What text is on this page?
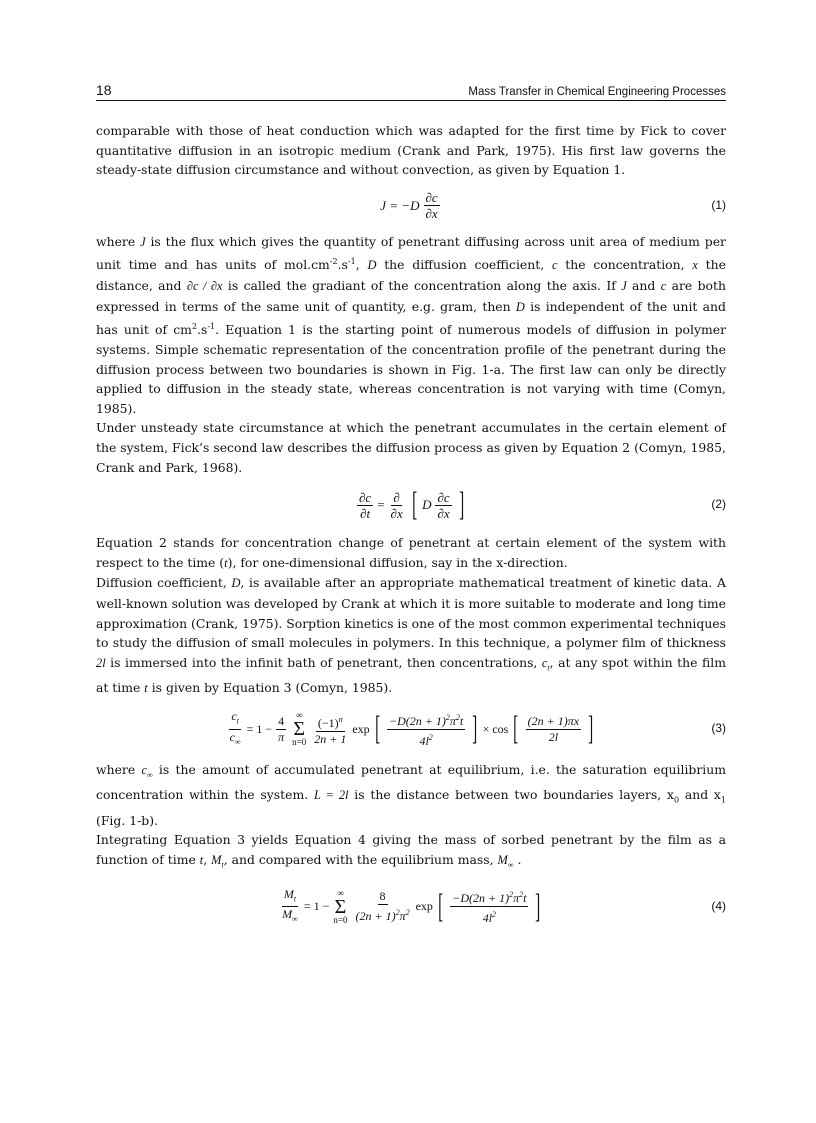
18	Mass Transfer in Chemical Engineering Processes

comparable with those of heat conduction which was adapted for the first time by Fick to cover quantitative diffusion in an isotropic medium (Crank and Park, 1975). His first law governs the steady-state diffusion circumstance and without convection, as given by Equation 1.

$J = -D \frac{\partial c}{\partial x}$	(1)

where J is the flux which gives the quantity of penetrant diffusing across unit area of medium per unit time and has units of $mol.cm^{-2}.s^{-1}$, D the diffusion coefficient, c the concentration, x the distance, and ∂c / ∂x is called the gradiant of the concentration along the axis. If J and c are both expressed in terms of the same unit of quantity, e.g. gram, then D is independent of the unit and has unit of $cm^2.s^{-1}$. Equation 1 is the starting point of numerous models of diffusion in polymer systems. Simple schematic representation of the concentration profile of the penetrant during the diffusion process between two boundaries is shown in Fig. 1-a. The first law can only be directly applied to diffusion in the steady state, whereas concentration is not varying with time (Comyn, 1985).

Under unsteady state circumstance at which the penetrant accumulates in the certain element of the system, Fick’s second law describes the diffusion process as given by Equation 2 (Comyn, 1985, Crank and Park, 1968).

$\frac{\partial c}{\partial t} = \frac{\partial}{\partial x}$ [ D $\frac{\partial c}{\partial x}$ ]	(2)

Equation 2 stands for concentration change of penetrant at certain element of the system with respect to the time (t), for one-dimensional diffusion, say in the x-direction.

Diffusion coefficient, D, is available after an appropriate mathematical treatment of kinetic data. A well-known solution was developed by Crank at which it is more suitable to moderate and long time approximation (Crank, 1975). Sorption kinetics is one of the most common experimental techniques to study the diffusion of small molecules in polymers. In this technique, a polymer film of thickness 2l is immersed into the infinit bath of penetrant, then concentrations, $c_t$, at any spot within the film at time t is given by Equation 3 (Comyn, 1985).

$\frac{c_t}{c_\infty} = 1 - \frac{4}{\pi}$ ∞
Σ
$n=0 \frac{(-1)^n}{2n + 1}$ exp [ $\frac{-D(2n + 1)^2\pi^2t}{4l^2}$ ] × cos [ $\frac{(2n + 1)\pi x}{2l}$ ]	(3)

where $c_\infty$ is the amount of accumulated penetrant at equilibrium, i.e. the saturation equilibrium concentration within the system. L = 2l is the distance between two boundaries layers, $x_0$ and $x_1$ (Fig. 1-b).

Integrating Equation 3 yields Equation 4 giving the mass of sorbed penetrant by the film as a function of time t, $M_t$, and compared with the equilibrium mass, $M_\infty$ .

$\frac{M_t}{M_\infty} = 1$ −
∞
Σ
$n=0 \frac{8}{(2n + 1)^2\pi^2}$ exp [ $\frac{-D(2n + 1)^2\pi^2t}{4l^2}$ ]	(4)
